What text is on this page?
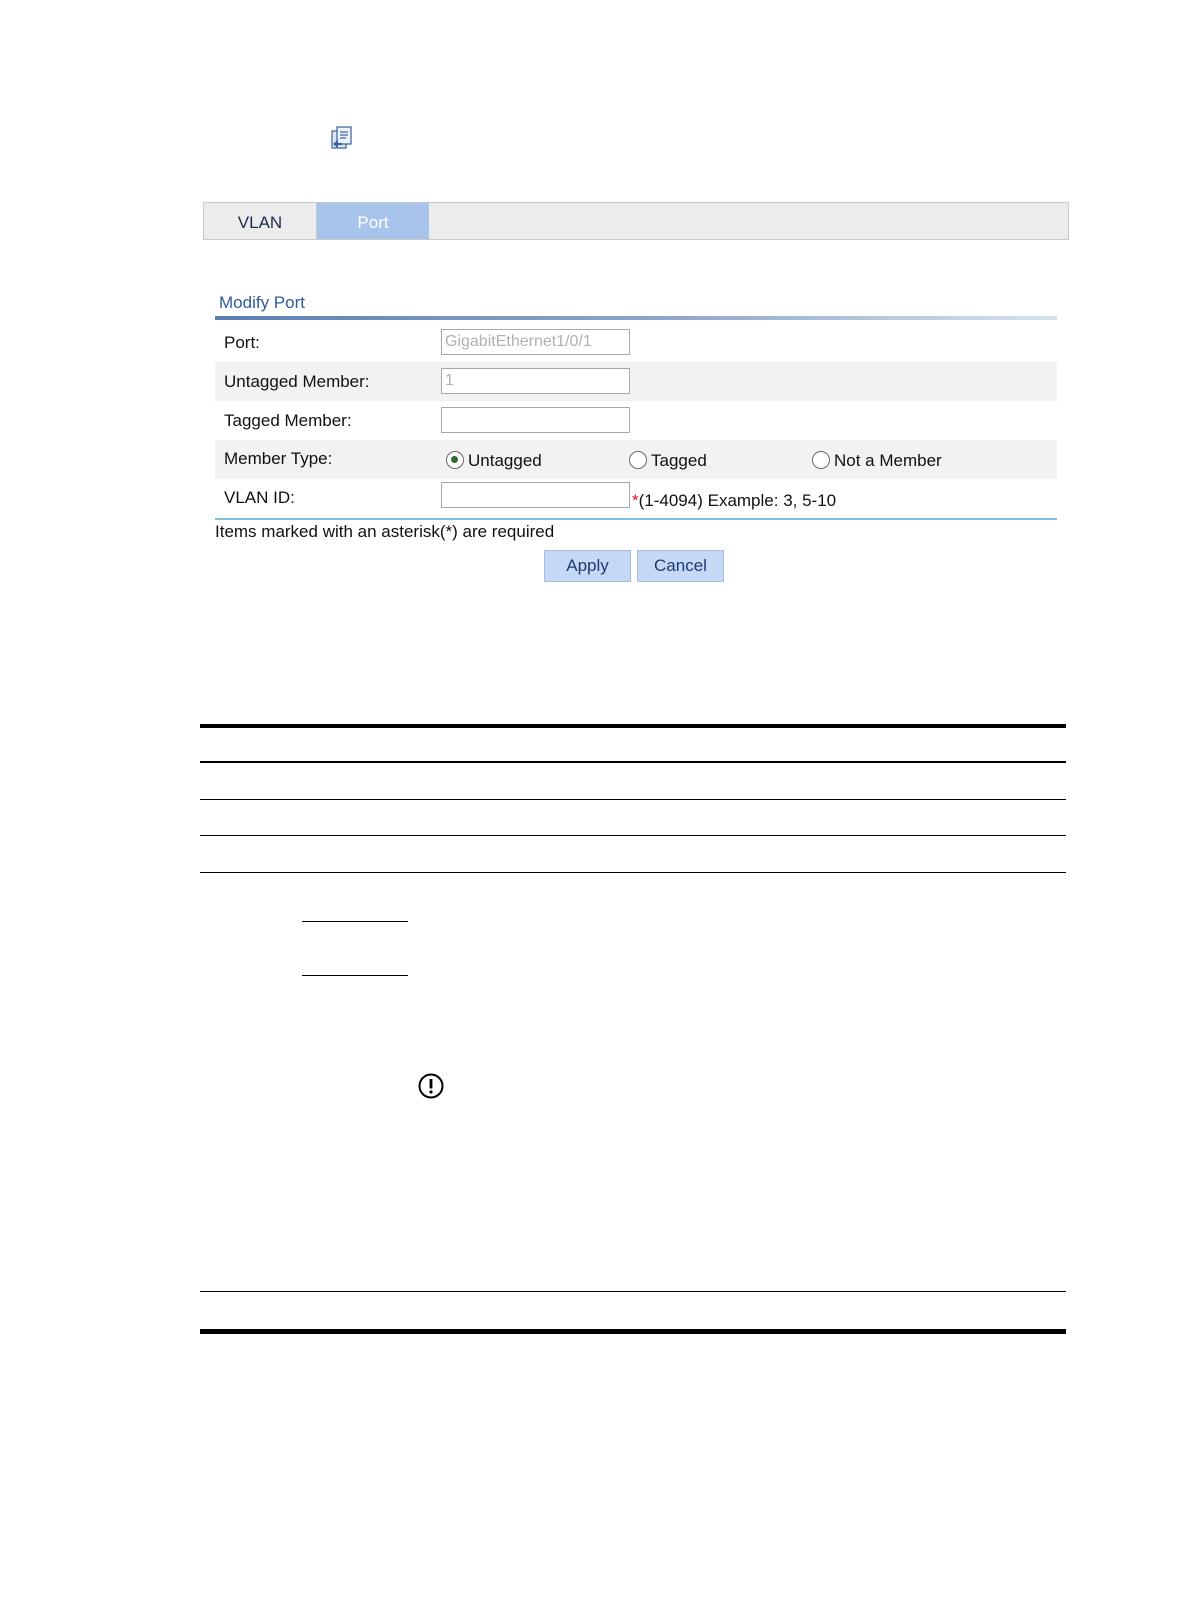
VLAN	Port
Modify Port
Port:	GigabitEthernet1/0/1
Untagged Member:	1
Tagged Member:
Member Type:	Untagged	Tagged	Not a Member
VLAN ID:	*(1-4094) Example: 3, 5-10
Items marked with an asterisk(*) are required
Apply	Cancel
